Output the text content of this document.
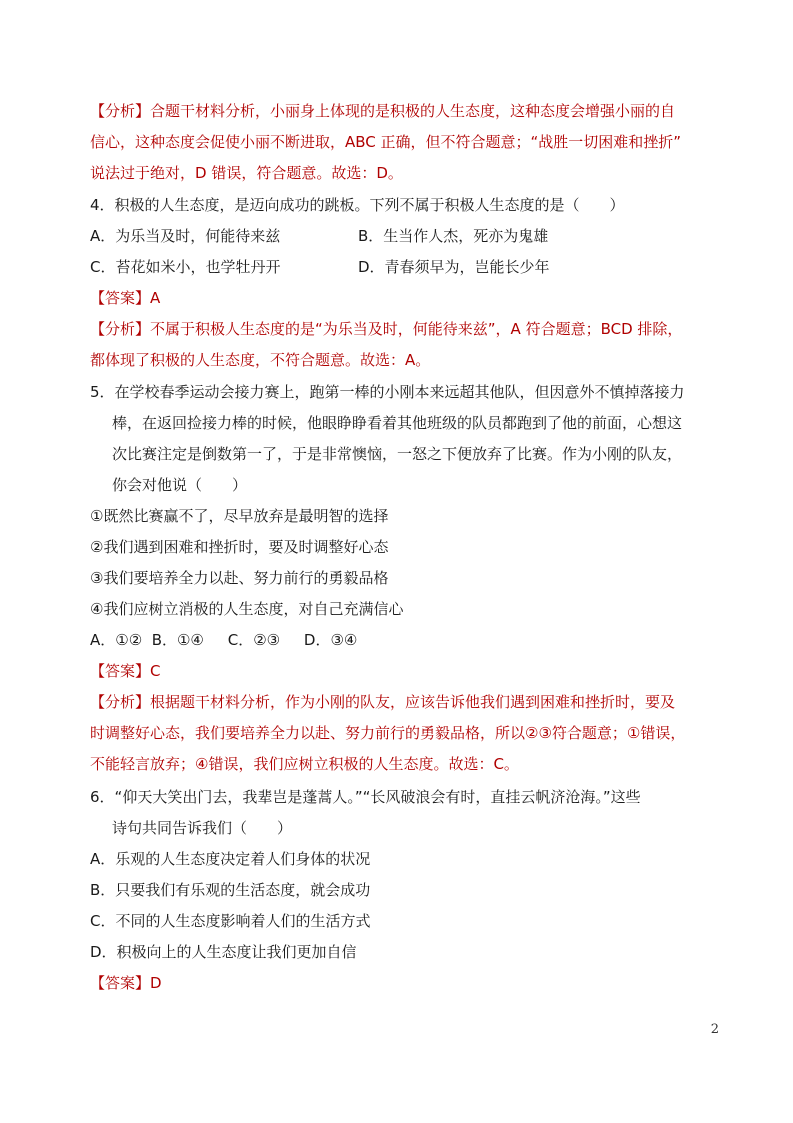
【分析】合题干材料分析，小丽身上体现的是积极的人生态度，这种态度会增强小丽的自

信心，这种态度会促使小丽不断进取，ABC 正确，但不符合题意；“战胜一切困难和挫折”

说法过于绝对，D 错误，符合题意。故选：D。

4．积极的人生态度，是迈向成功的跳板。下列不属于积极人生态度的是（　　）

A．为乐当及时，何能待来兹	B．生当作人杰，死亦为鬼雄
C．苔花如米小，也学牡丹开	D．青春须早为，岂能长少年

【答案】A

【分析】不属于积极人生态度的是“为乐当及时，何能待来兹”，A 符合题意；BCD 排除，

都体现了积极的人生态度，不符合题意。故选：A。

5．在学校春季运动会接力赛上，跑第一棒的小刚本来远超其他队，但因意外不慎掉落接力

棒，在返回捡接力棒的时候，他眼睁睁看着其他班级的队员都跑到了他的前面，心想这

次比赛注定是倒数第一了，于是非常懊恼，一怒之下便放弃了比赛。作为小刚的队友，

你会对他说（　　）

①既然比赛赢不了，尽早放弃是最明智的选择

②我们遇到困难和挫折时，要及时调整好心态

③我们要培养全力以赴、努力前行的勇毅品格

④我们应树立消极的人生态度，对自己充满信心

A．①②  B．①④     C．②③     D．③④

【答案】C

【分析】根据题干材料分析，作为小刚的队友，应该告诉他我们遇到困难和挫折时，要及

时调整好心态，我们要培养全力以赴、努力前行的勇毅品格，所以②③符合题意；①错误，

不能轻言放弃；④错误，我们应树立积极的人生态度。故选：C。

6．“仰天大笑出门去，我辈岂是蓬蒿人。”“长风破浪会有时，直挂云帆济沧海。”这些

诗句共同告诉我们（　　）

A．乐观的人生态度决定着人们身体的状况

B．只要我们有乐观的生活态度，就会成功

C．不同的人生态度影响着人们的生活方式

D．积极向上的人生态度让我们更加自信

【答案】D

2
